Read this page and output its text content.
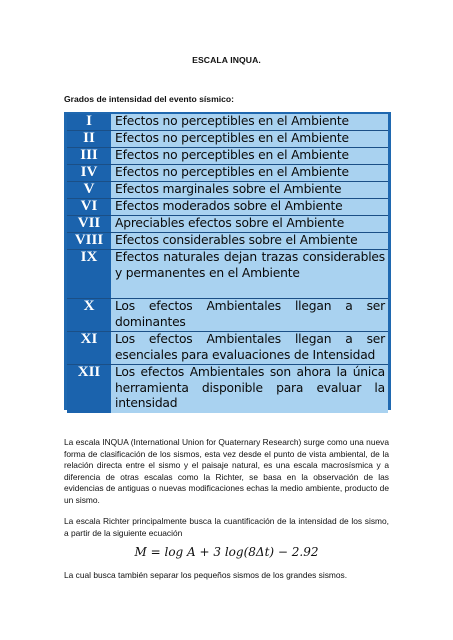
ESCALA INQUA.
Grados de intensidad del evento sísmico:
I	Efectos no perceptibles en el Ambiente
II	Efectos no perceptibles en el Ambiente
III	Efectos no perceptibles en el Ambiente
IV	Efectos no perceptibles en el Ambiente
V	Efectos marginales sobre el Ambiente
VI	Efectos moderados sobre el Ambiente
VII	Apreciables efectos sobre el Ambiente
VIII Efectos considerables sobre el Ambiente
IX	Efectos naturales dejan trazas considerables y permanentes en el Ambiente
X	Los efectos Ambientales llegan a ser dominantes
XI	Los efectos Ambientales llegan a ser esenciales para evaluaciones de Intensidad
XII	Los efectos Ambientales son ahora la única herramienta disponible para evaluar la intensidad

La escala INQUA (International Union for Quaternary Research) surge como una nueva forma de clasificación de los sismos, esta vez desde el punto de vista ambiental, de la relación directa entre el sismo y el paisaje natural, es una escala macrosísmica y a diferencia de otras escalas como la Richter, se basa en la observación de las evidencias de antiguas o nuevas modificaciones echas la medio ambiente, producto de un sismo.

La escala Richter principalmente busca la cuantificación de la intensidad de los sismo, a partir de la siguiente ecuación

M = log A + 3 log(8Δt) − 2.92

La cual busca también separar los pequeños sismos de los grandes sismos.
